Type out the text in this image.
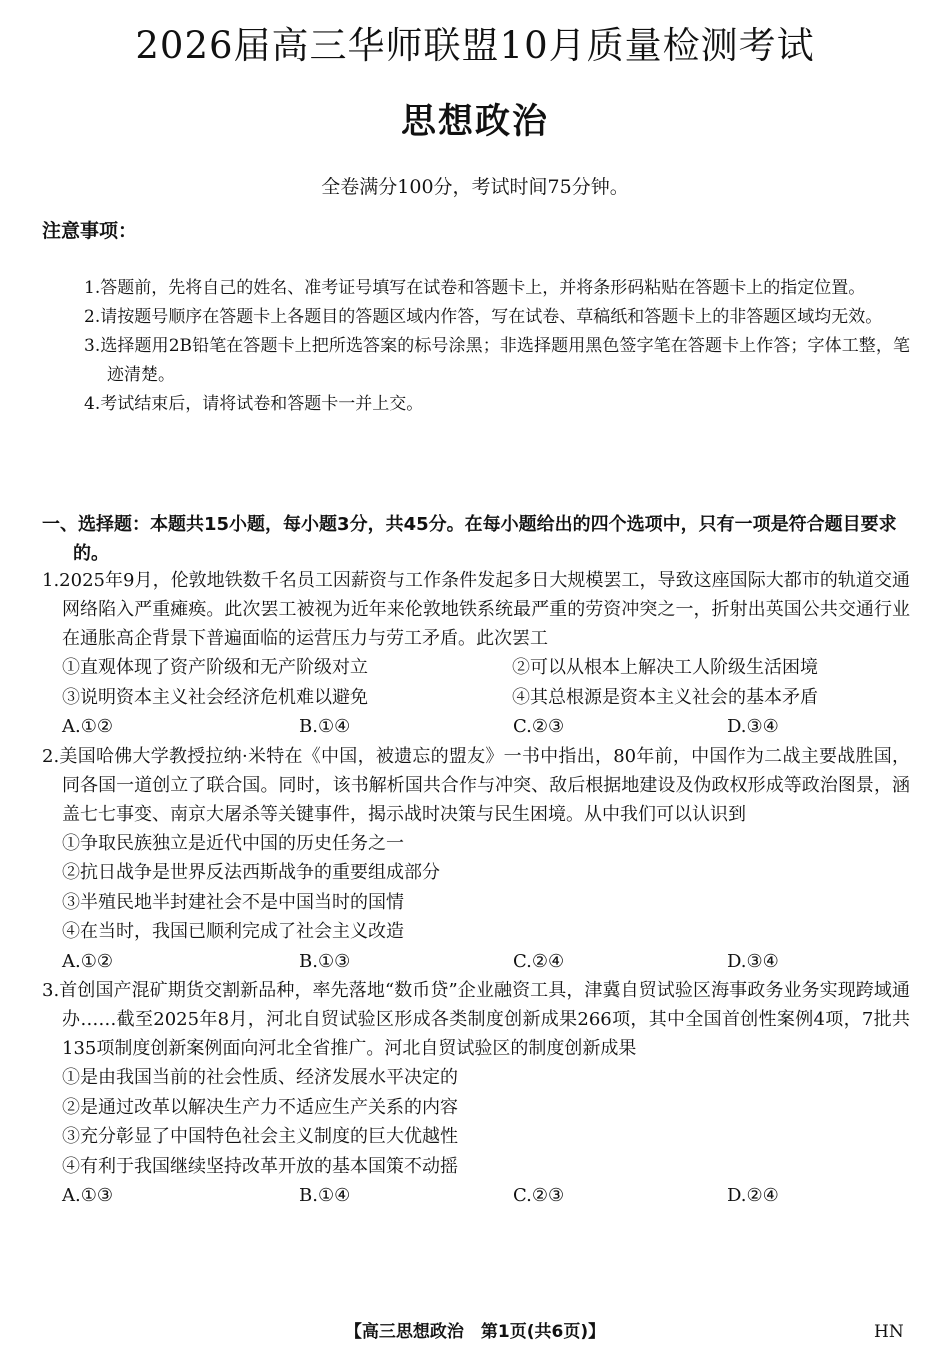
2026届高三华师联盟10月质量检测考试
思想政治
全卷满分100分，考试时间75分钟。
注意事项：
1.答题前，先将自己的姓名、准考证号填写在试卷和答题卡上，并将条形码粘贴在答题卡上的指定位置。
2.请按题号顺序在答题卡上各题目的答题区域内作答，写在试卷、草稿纸和答题卡上的非答题区域均无效。
3.选择题用2B铅笔在答题卡上把所选答案的标号涂黑；非选择题用黑色签字笔在答题卡上作答；字体工整，笔迹清楚。
4.考试结束后，请将试卷和答题卡一并上交。
一、选择题：本题共15小题，每小题3分，共45分。在每小题给出的四个选项中，只有一项是符合题目要求的。
1.2025年9月，伦敦地铁数千名员工因薪资与工作条件发起多日大规模罢工，导致这座国际大都市的轨道交通网络陷入严重瘫痪。此次罢工被视为近年来伦敦地铁系统最严重的劳资冲突之一，折射出英国公共交通行业在通胀高企背景下普遍面临的运营压力与劳工矛盾。此次罢工
①直观体现了资产阶级和无产阶级对立	②可以从根本上解决工人阶级生活困境
③说明资本主义社会经济危机难以避免	④其总根源是资本主义社会的基本矛盾
A.①②	B.①④	C.②③	D.③④
2.美国哈佛大学教授拉纳·米特在《中国，被遗忘的盟友》一书中指出，80年前，中国作为二战主要战胜国，同各国一道创立了联合国。同时，该书解析国共合作与冲突、敌后根据地建设及伪政权形成等政治图景，涵盖七七事变、南京大屠杀等关键事件，揭示战时决策与民生困境。从中我们可以认识到
①争取民族独立是近代中国的历史任务之一
②抗日战争是世界反法西斯战争的重要组成部分
③半殖民地半封建社会不是中国当时的国情
④在当时，我国已顺利完成了社会主义改造
A.①②	B.①③	C.②④	D.③④
3.首创国产混矿期货交割新品种，率先落地“数币贷”企业融资工具，津冀自贸试验区海事政务业务实现跨域通办……截至2025年8月，河北自贸试验区形成各类制度创新成果266项，其中全国首创性案例4项，7批共135项制度创新案例面向河北全省推广。河北自贸试验区的制度创新成果
①是由我国当前的社会性质、经济发展水平决定的
②是通过改革以解决生产力不适应生产关系的内容
③充分彰显了中国特色社会主义制度的巨大优越性
④有利于我国继续坚持改革开放的基本国策不动摇
A.①③	B.①④	C.②③	D.②④
【高三思想政治　第1页(共6页)】	HN
